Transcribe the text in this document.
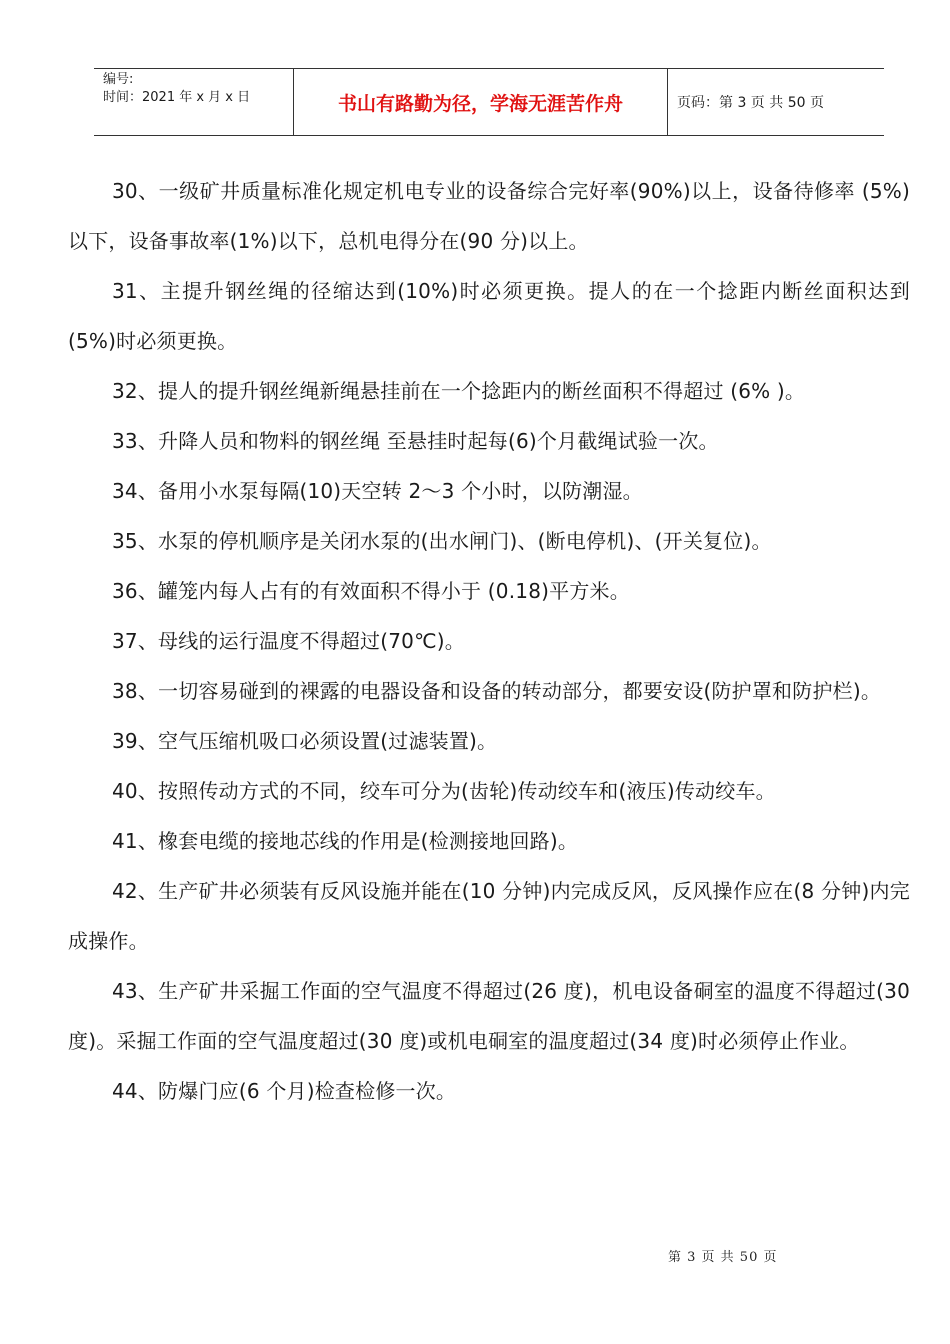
编号:
时间：2021 年 x 月 x 日	书山有路勤为径，学海无涯苦作舟	页码：第 3 页 共 50 页

30、一级矿井质量标准化规定机电专业的设备综合完好率(90%)以上，设备待修率 (5%)以下，设备事故率(1%)以下，总机电得分在(90 分)以上。

31、主提升钢丝绳的径缩达到(10%)时必须更换。提人的在一个捻距内断丝面积达到(5%)时必须更换。

32、提人的提升钢丝绳新绳悬挂前在一个捻距内的断丝面积不得超过 (6% )。

33、升降人员和物料的钢丝绳 至悬挂时起每(6)个月截绳试验一次。

34、备用小水泵每隔(10)天空转 2～3 个小时，以防潮湿。

35、水泵的停机顺序是关闭水泵的(出水闸门)、(断电停机)、(开关复位)。

36、罐笼内每人占有的有效面积不得小于 (0.18)平方米。

37、母线的运行温度不得超过(70℃)。

38、一切容易碰到的裸露的电器设备和设备的转动部分，都要安设(防护罩和防护栏)。

39、空气压缩机吸口必须设置(过滤装置)。

40、按照传动方式的不同，绞车可分为(齿轮)传动绞车和(液压)传动绞车。

41、橡套电缆的接地芯线的作用是(检测接地回路)。

42、生产矿井必须装有反风设施并能在(10 分钟)内完成反风，反风操作应在(8 分钟)内完成操作。

43、生产矿井采掘工作面的空气温度不得超过(26 度)，机电设备硐室的温度不得超过(30 度)。采掘工作面的空气温度超过(30 度)或机电硐室的温度超过(34 度)时必须停止作业。

44、防爆门应(6 个月)检查检修一次。

第 3 页 共 50 页
